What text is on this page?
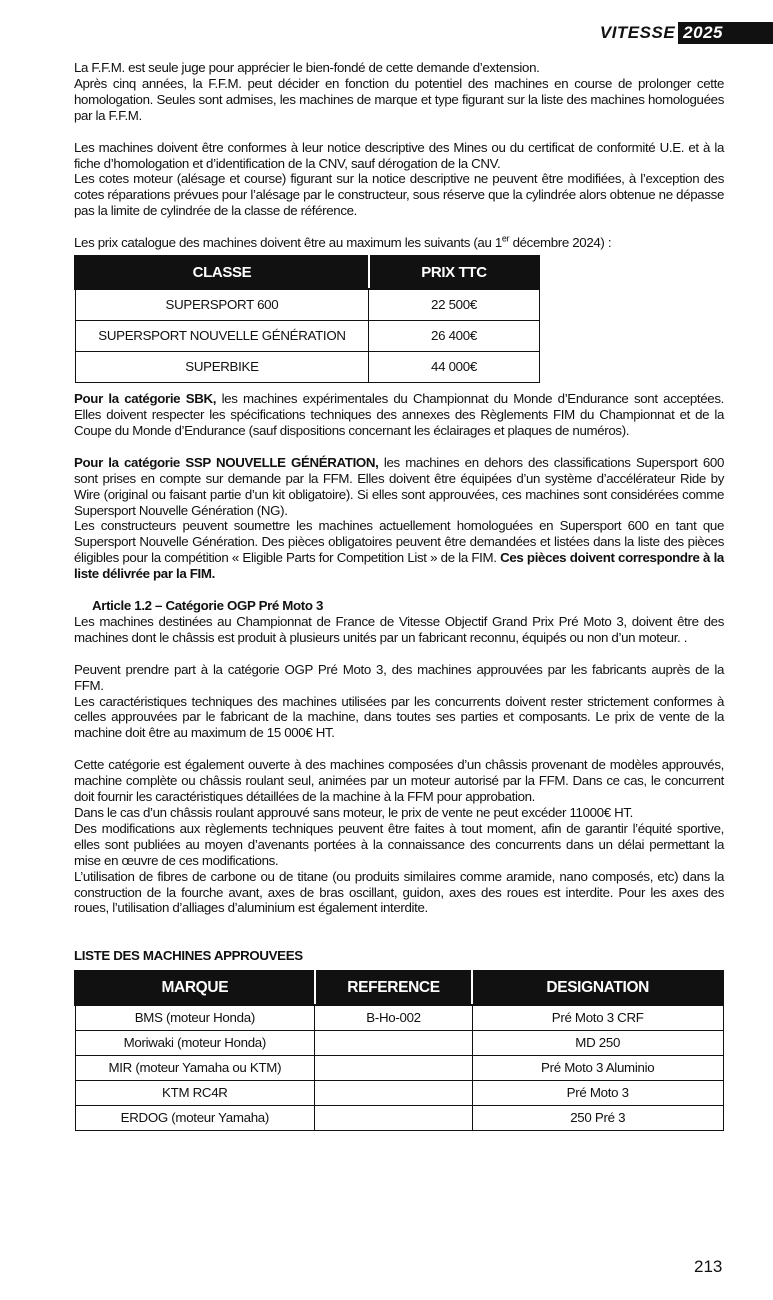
VITESSE 2025

La F.F.M. est seule juge pour apprécier le bien-fondé de cette demande d’extension.

Après cinq années, la F.F.M. peut décider en fonction du potentiel des machines en course de prolonger cette homologation. Seules sont admises, les machines de marque et type figurant sur la liste des machines homologuées par la F.F.M.

Les machines doivent être conformes à leur notice descriptive des Mines ou du certificat de conformité U.E. et à la fiche d’homologation et d’identification de la CNV, sauf dérogation de la CNV.

Les cotes moteur (alésage et course) figurant sur la notice descriptive ne peuvent être modifiées, à l’exception des cotes réparations prévues pour l’alésage par le constructeur, sous réserve que la cylindrée alors obtenue ne dépasse pas la limite de cylindrée de la classe de référence.

Les prix catalogue des machines doivent être au maximum les suivants (au 1er décembre 2024) :

CLASSE	PRIX TTC
SUPERSPORT 600	22 500€
SUPERSPORT NOUVELLE GÉNÉRATION	26 400€
SUPERBIKE	44 000€

Pour la catégorie SBK, les machines expérimentales du Championnat du Monde d’Endurance sont acceptées. Elles doivent respecter les spécifications techniques des annexes des Règlements FIM du Championnat et de la Coupe du Monde d’Endurance (sauf dispositions concernant les éclairages et plaques de numéros).

Pour la catégorie SSP NOUVELLE GÉNÉRATION, les machines en dehors des classifications Supersport 600 sont prises en compte sur demande par la FFM. Elles doivent être équipées d’un système d’accélérateur Ride by Wire (original ou faisant partie d’un kit obligatoire). Si elles sont approuvées, ces machines sont considérées comme Supersport Nouvelle Génération (NG).

Les constructeurs peuvent soumettre les machines actuellement homologuées en Supersport 600 en tant que Supersport Nouvelle Génération. Des pièces obligatoires peuvent être demandées et listées dans la liste des pièces éligibles pour la compétition « Eligible Parts for Competition List » de la FIM. Ces pièces doivent correspondre à la liste délivrée par la FIM.

Article 1.2 – Catégorie OGP Pré Moto 3

Les machines destinées au Championnat de France de Vitesse Objectif Grand Prix Pré Moto 3, doivent être des machines dont le châssis est produit à plusieurs unités par un fabricant reconnu, équipés ou non d’un moteur. .

Peuvent prendre part à la catégorie OGP Pré Moto 3, des machines approuvées par les fabricants auprès de la FFM.

Les caractéristiques techniques des machines utilisées par les concurrents doivent rester strictement conformes à celles approuvées par le fabricant de la machine, dans toutes ses parties et composants. Le prix de vente de la machine doit être au maximum de 15 000€ HT.

Cette catégorie est également ouverte à des machines composées d’un châssis provenant de modèles approuvés, machine complète ou châssis roulant seul, animées par un moteur autorisé par la FFM. Dans ce cas, le concurrent doit fournir les caractéristiques détaillées de la machine à la FFM pour approbation.

Dans le cas d’un châssis roulant approuvé sans moteur, le prix de vente ne peut excéder 11000€ HT.

Des modifications aux règlements techniques peuvent être faites à tout moment, afin de garantir l’équité sportive, elles sont publiées au moyen d’avenants portées à la connaissance des concurrents dans un délai permettant la mise en œuvre de ces modifications.

L’utilisation de fibres de carbone ou de titane (ou produits similaires comme aramide, nano composés, etc) dans la construction de la fourche avant, axes de bras oscillant, guidon, axes des roues est interdite. Pour les axes des roues, l’utilisation d’alliages d’aluminium est également interdite.

LISTE DES MACHINES APPROUVEES

MARQUE	REFERENCE	DESIGNATION
BMS (moteur Honda)	B-Ho-002	Pré Moto 3 CRF
Moriwaki (moteur Honda)		MD 250
MIR (moteur Yamaha ou KTM)		Pré Moto 3 Aluminio
KTM RC4R		Pré Moto 3
ERDOG (moteur Yamaha)		250 Pré 3
213
